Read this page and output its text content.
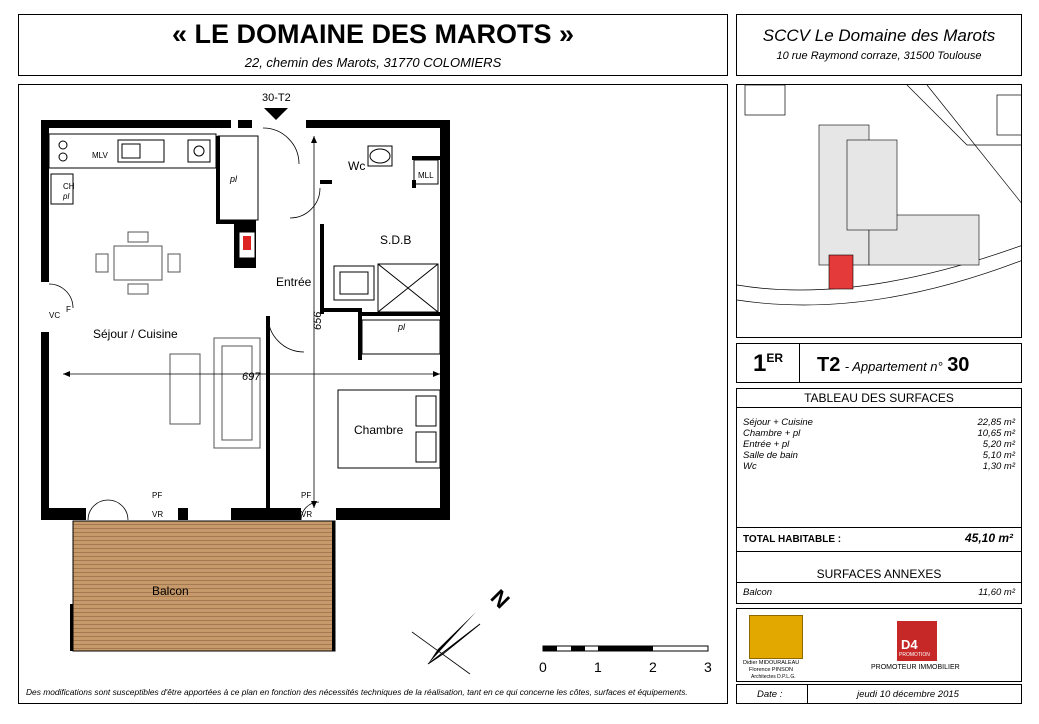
« LE DOMAINE DES MAROTS »
22, chemin des Marots, 31770 COLOMIERS
SCCV Le Domaine des Marots
10 rue Raymond corraze, 31500 Toulouse
30-T2
MLV
CH
pl
pl
VC
F
Wc
MLL
S.D.B
Entrée
Séjour / Cuisine
Chambre
pl
Balcon
PF	PF
VR	VR
697
656
N
0	1	2	3
Des modifications sont susceptibles d'être apportées à ce plan en fonction des nécessités techniques de la réalisation, tant en ce qui concerne les côtes, surfaces et équipements.
1ER T2 - Appartement n° 30
TABLEAU DES SURFACES
Séjour + Cuisine	22,85 m²
Chambre + pl	10,65 m²
Entrée + pl	5,20 m²
Salle de bain	5,10 m²
Wc	1,30 m²
TOTAL HABITABLE :	45,10 m²
SURFACES ANNEXES
Balcon	11,60 m²
Didier MIDOURALEAU
Florence PINSON
Architectes D.P.L.G.
D4
PROMOTION
PROMOTEUR IMMOBILIER
Date :	jeudi 10 décembre 2015
